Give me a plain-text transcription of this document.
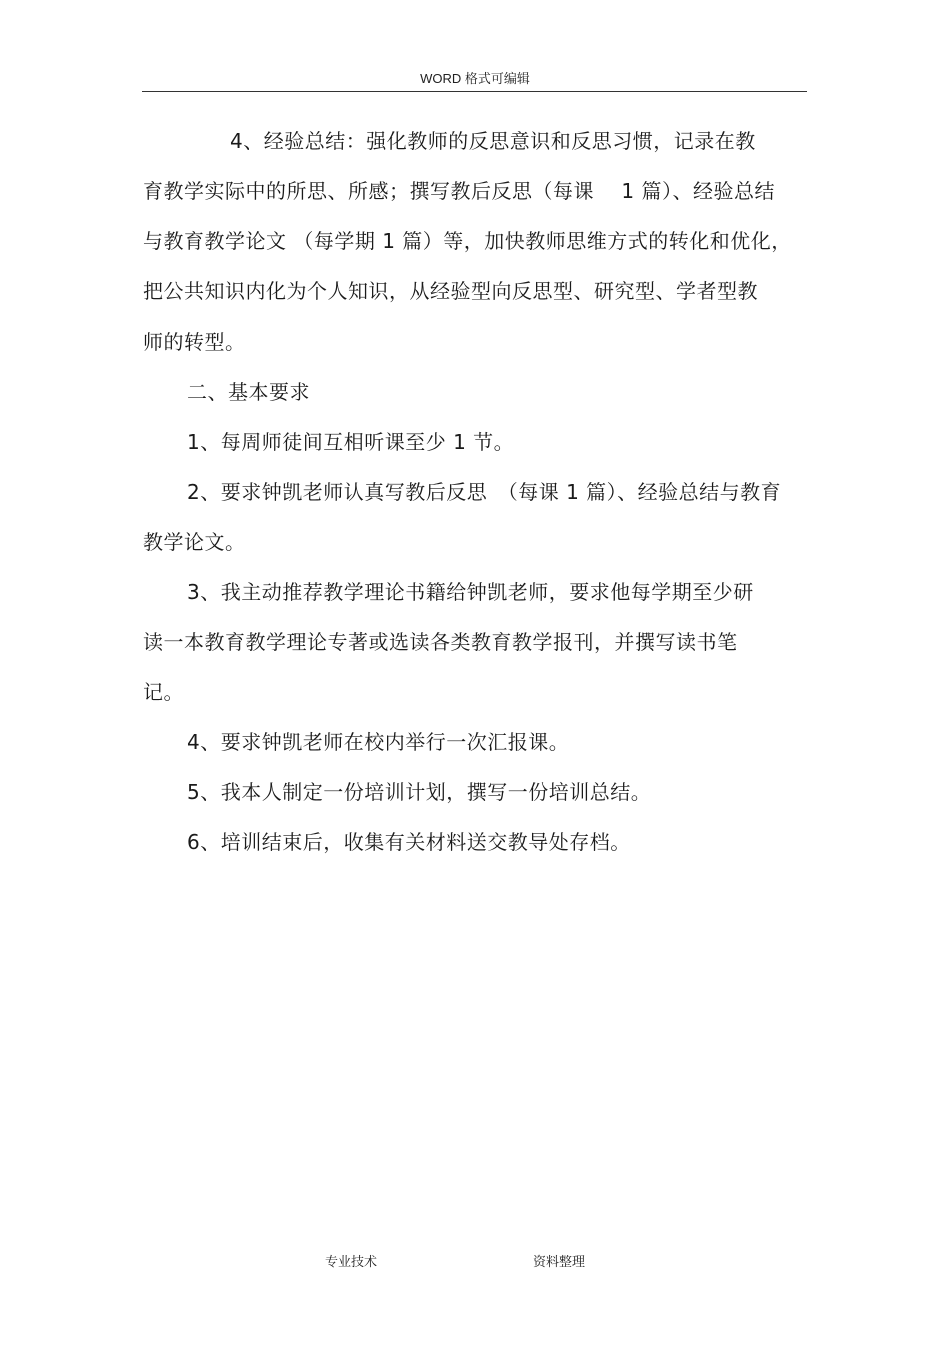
WORD 格式可编辑
4、经验总结：强化教师的反思意识和反思习惯，记录在教
育教学实际中的所思、所感；撰写教后反思（每课　 1 篇）、经验总结
与教育教学论文 （每学期 1 篇）等，加快教师思维方式的转化和优化，
把公共知识内化为个人知识，从经验型向反思型、研究型、学者型教
师的转型。
二、基本要求
1、每周师徒间互相听课至少 1 节。
2、要求钟凯老师认真写教后反思　（每课 1 篇）、经验总结与教育
教学论文。
3、我主动推荐教学理论书籍给钟凯老师，要求他每学期至少研
读一本教育教学理论专著或选读各类教育教学报刊，并撰写读书笔
记。
4、要求钟凯老师在校内举行一次汇报课。
5、我本人制定一份培训计划，撰写一份培训总结。
6、培训结束后，收集有关材料送交教导处存档。
专业技术	资料整理
